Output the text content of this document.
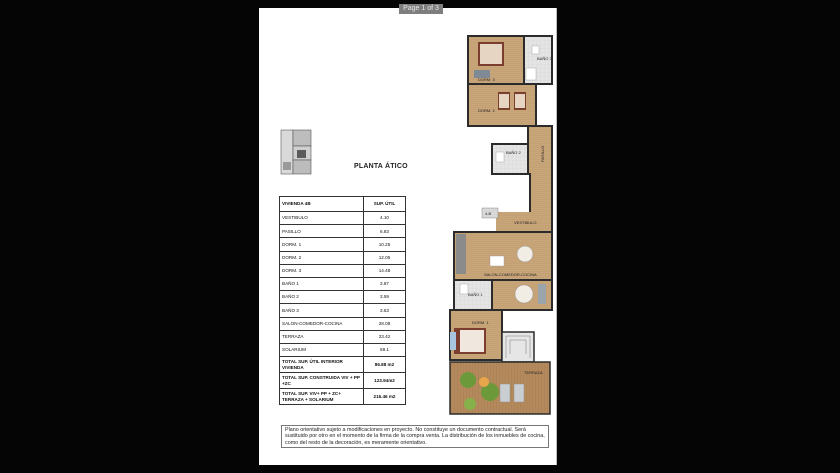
Page 1 of 3
PLANTA ÁTICO
VIVIENDA 4B	SUP. ÚTIL
VESTIBULO	4.10
PASILLO	6.83
DORM. 1	10.25
DORM. 2	12.05
DORM. 3	14.48
BAÑO 1	3.87
BAÑO 2	3.59
BAÑO 3	3.63
SALON-COMEDOR-COCINA	28.08
TERRAZA	23.42
SOLARIUM	69.1
TOTAL SUP. ÚTIL INTERIOR VIVIENDA	86.88 m2
TOTAL SUP. CONSTRUIDA VIV + PP +ZC	123.94m2
TOTAL SUP. VIV+ PP + ZC+ TERRAZA + SOLARIUM	216.46 m2
DORM. 3
BAÑO 3
DORM. 2
BAÑO 2	PASILLO
4-B
VESTIBULO
SALON-COMEDOR-COCINA
BAÑO 1
DORM. 1
TERRAZA
Plano orientativo sujeto a modificaciones en proyecto. No constituye un documento contractual. Será sustituido por otro en el momento de la firma de la compra venta. La distribución de los inmuebles de cocina, como del resto de la decoración, es meramente orientativo.
